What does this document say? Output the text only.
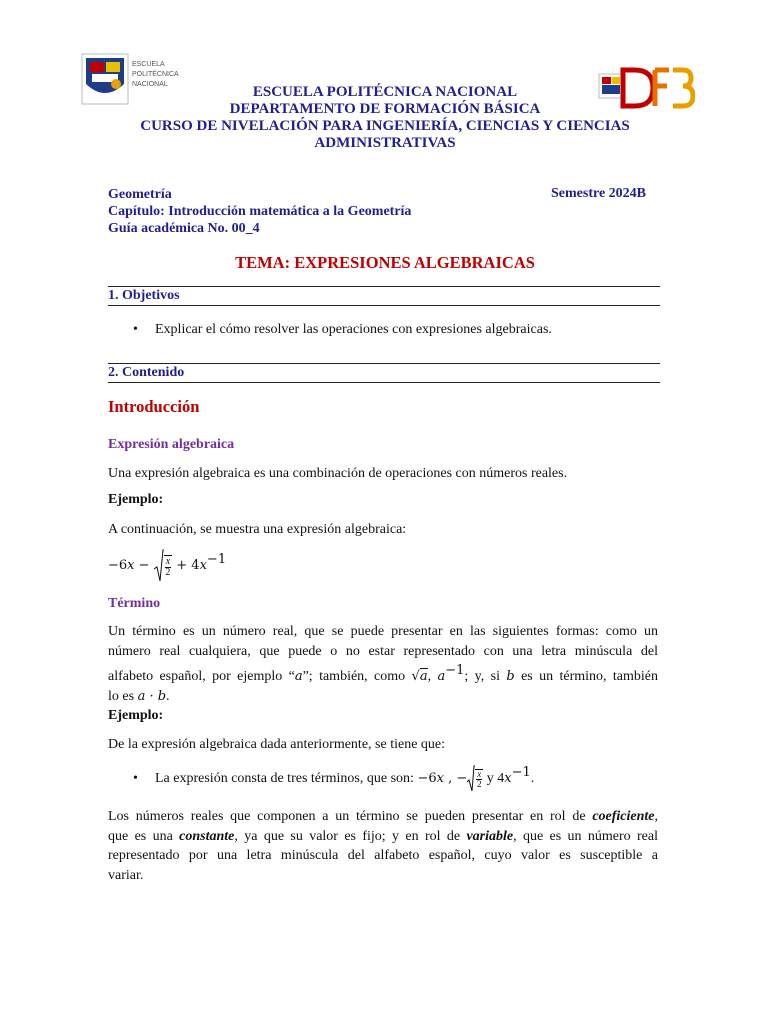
ESCUELA
POLITÉCNICA
NACIONAL	ESCUELA POLITÉCNICA NACIONAL
DEPARTAMENTO DE FORMACIÓN BÁSICA
CURSO DE NIVELACIÓN PARA INGENIERÍA, CIENCIAS Y CIENCIAS
ADMINISTRATIVAS
Geometría
Capítulo: Introducción matemática a la Geometría
Guía académica No. 00_4
Semestre 2024B
TEMA: EXPRESIONES ALGEBRAICAS
1. Objetivos
• Explicar el cómo resolver las operaciones con expresiones algebraicas.
2. Contenido
Introducción
Expresión algebraica
Una expresión algebraica es una combinación de operaciones con números reales.
Ejemplo:
A continuación, se muestra una expresión algebraica:
$-6x - \frac{x}{2} + 4x^{-1}$
Término
Un término es un número real, que se puede presentar en las siguientes formas: como un
número real cualquiera, que puede o no estar representado con una letra minúscula del
alfabeto español, por ejemplo “a”; también, como √a, $a^{-1}$; y, si b es un término, también
lo es a · b.
Ejemplo:
De la expresión algebraica dada anteriormente, se tiene que:
• La expresión consta de tres términos, que son: −6x , − $\frac{x}{2}$ y $4x^{-1}$.
Los números reales que componen a un término se pueden presentar en rol de coeficiente,
que es una constante, ya que su valor es fijo; y en rol de variable, que es un número real
representado por una letra minúscula del alfabeto español, cuyo valor es susceptible a
variar.
